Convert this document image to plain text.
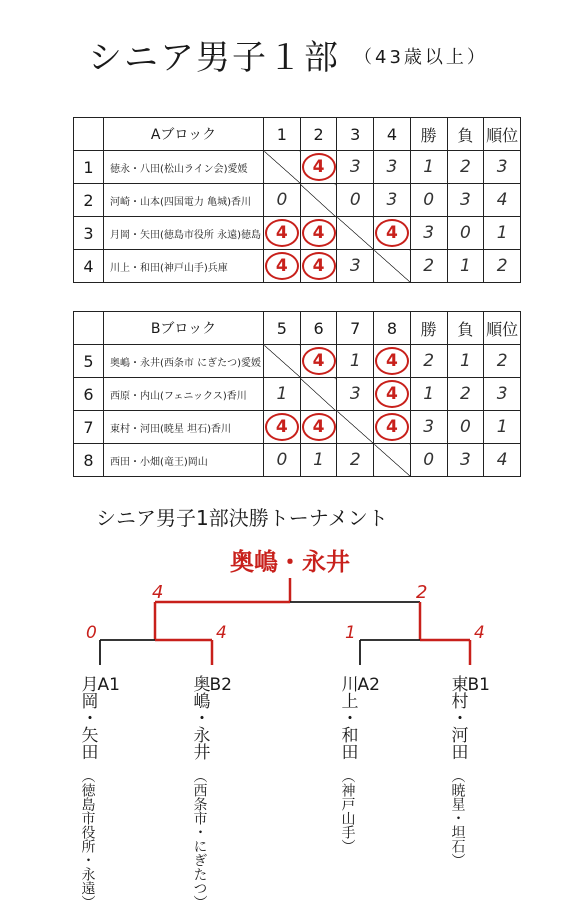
シニア男子１部 $^{(43歳以上)}$
	Aブロック	1	2	3	4	勝	負	順位
1	徳永・八田(松山ライン会)愛媛		4	3	3	1	2	3
2	河崎・山本(四国電力 亀城)香川	0		0	3	0	3	4
3	月岡・矢田(徳島市役所 永遠)徳島	4	4		4	3	0	1
4	川上・和田(神戸山手)兵庫	4	4	3		2	1	2
	Bブロック	5	6	7	8	勝	負	順位
5	奥嶋・永井(西条市 にぎたつ)愛媛		4	1	4	2	1	2
6	西原・内山(フェニックス)香川	1		3	4	1	2	3
7	東村・河田(暁星 坦石)香川	4	4		4	3	0	1
8	西田・小畑(竜王)岡山	0	1	2		0	3	4
シニア男子1部決勝トーナメント
奥嶋・永井
4	2
0	4	1	4
A1
月岡・矢田 （徳島市役所・永遠）
B2
奥嶋・永井 （西条市・にぎたつ）
A2
川上・和田 （神戸山手）
B1
東村・河田 （暁星・坦石）
